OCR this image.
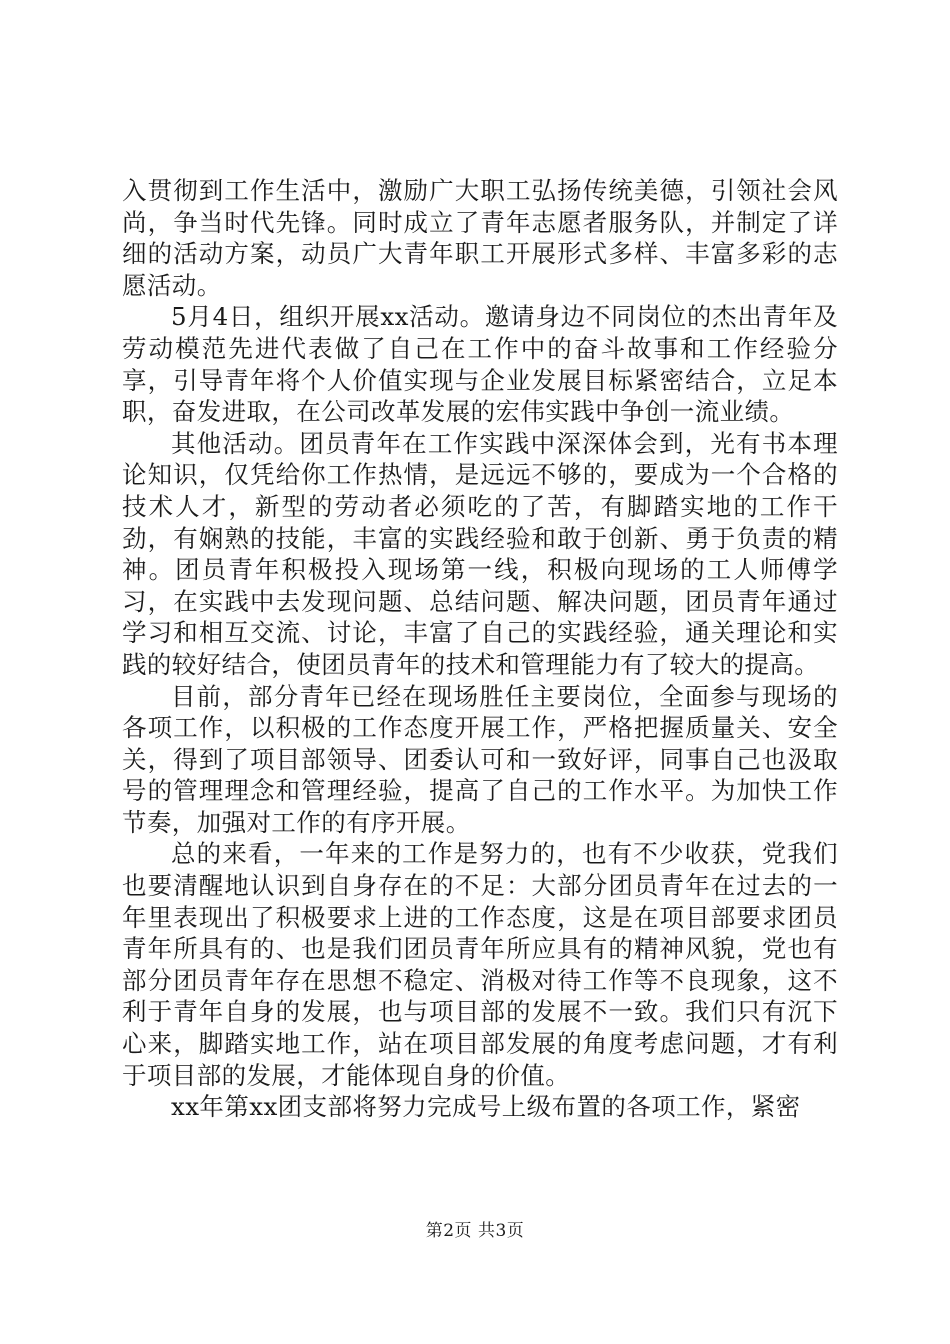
入贯彻到工作生活中，激励广大职工弘扬传统美德，引领社会风尚，争当时代先锋。同时成立了青年志愿者服务队，并制定了详细的活动方案，动员广大青年职工开展形式多样、丰富多彩的志愿活动。

5月4日，组织开展xx活动。邀请身边不同岗位的杰出青年及劳动模范先进代表做了自己在工作中的奋斗故事和工作经验分享，引导青年将个人价值实现与企业发展目标紧密结合，立足本职，奋发进取，在公司改革发展的宏伟实践中争创一流业绩。

其他活动。团员青年在工作实践中深深体会到，光有书本理论知识，仅凭给你工作热情，是远远不够的，要成为一个合格的技术人才，新型的劳动者必须吃的了苦，有脚踏实地的工作干劲，有娴熟的技能，丰富的实践经验和敢于创新、勇于负责的精神。团员青年积极投入现场第一线，积极向现场的工人师傅学习，在实践中去发现问题、总结问题、解决问题，团员青年通过学习和相互交流、讨论，丰富了自己的实践经验，通关理论和实践的较好结合，使团员青年的技术和管理能力有了较大的提高。

目前，部分青年已经在现场胜任主要岗位，全面参与现场的各项工作，以积极的工作态度开展工作，严格把握质量关、安全关，得到了项目部领导、团委认可和一致好评，同事自己也汲取号的管理理念和管理经验，提高了自己的工作水平。为加快工作节奏，加强对工作的有序开展。

总的来看，一年来的工作是努力的，也有不少收获，党我们也要清醒地认识到自身存在的不足：大部分团员青年在过去的一年里表现出了积极要求上进的工作态度，这是在项目部要求团员青年所具有的、也是我们团员青年所应具有的精神风貌，党也有部分团员青年存在思想不稳定、消极对待工作等不良现象，这不利于青年自身的发展，也与项目部的发展不一致。我们只有沉下心来，脚踏实地工作，站在项目部发展的角度考虑问题，才有利于项目部的发展，才能体现自身的价值。

xx年第xx团支部将努力完成号上级布置的各项工作，紧密

第2页 共3页
